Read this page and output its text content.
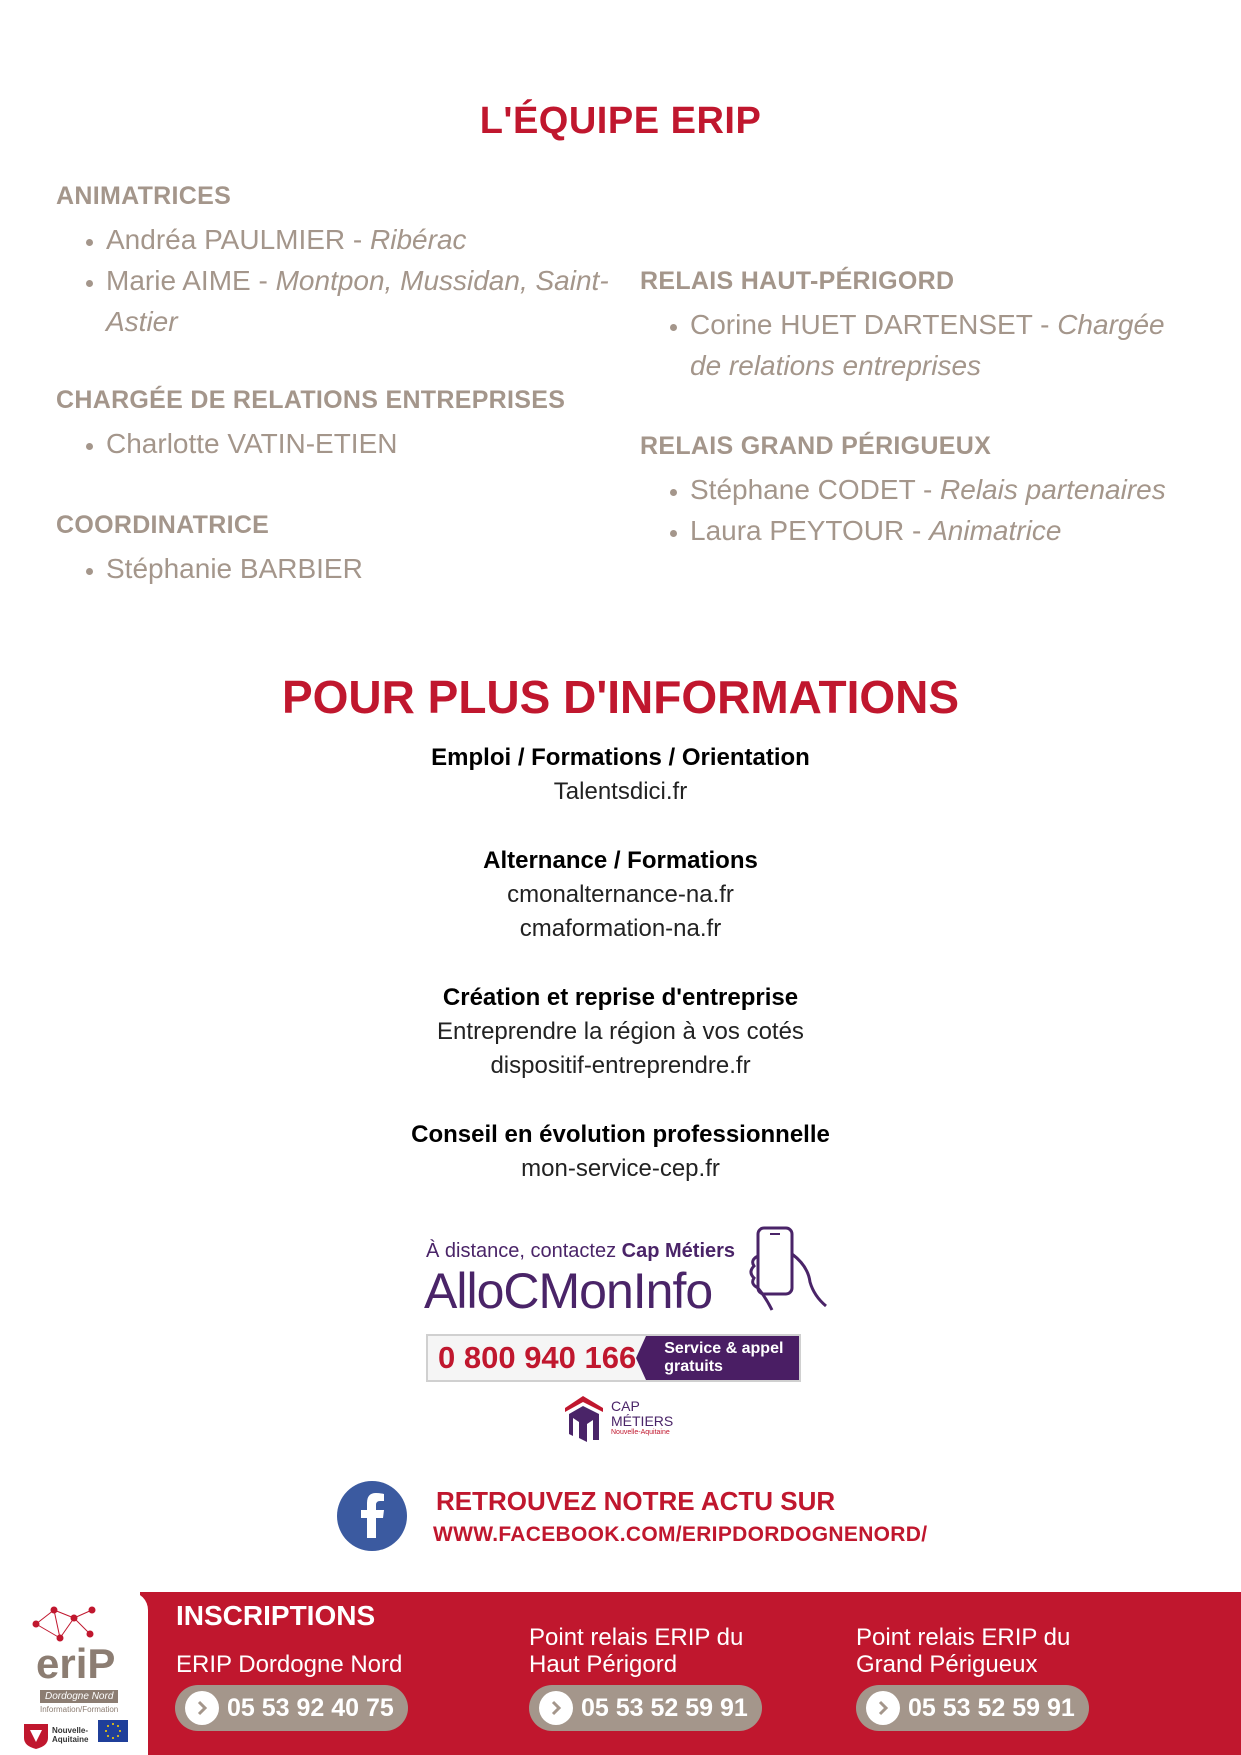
L'ÉQUIPE ERIP
ANIMATRICES
• Andréa PAULMIER - Ribérac
• Marie AIME - Montpon, Mussidan, Saint-Astier
CHARGÉE DE RELATIONS ENTREPRISES
• Charlotte VATIN-ETIEN
COORDINATRICE
• Stéphanie BARBIER
RELAIS HAUT-PÉRIGORD
• Corine HUET DARTENSET - Chargée de relations entreprises
RELAIS GRAND PÉRIGUEUX
• Stéphane CODET - Relais partenaires
• Laura PEYTOUR - Animatrice
POUR PLUS D'INFORMATIONS
Emploi / Formations / Orientation
Talentsdici.fr
Alternance / Formations
cmonalternance-na.fr
cmaformation-na.fr
Création et reprise d'entreprise
Entreprendre la région à vos cotés
dispositif-entreprendre.fr
Conseil en évolution professionnelle
mon-service-cep.fr
À distance, contactez Cap Métiers
AlloCMonInfo
0 800 940 166	Service & appel
gratuits
CAP
MÉTIERS
Nouvelle-Aquitaine
RETROUVEZ NOTRE ACTU SUR
WWW.FACEBOOK.COM/ERIPDORDOGNENORD/
eriP
Dordogne Nord
Information/Formation
Nouvelle-Aquitaine
INSCRIPTIONS
ERIP Dordogne Nord
05 53 92 40 75
Point relais ERIP du Haut Périgord
05 53 52 59 91
Point relais ERIP du Grand Périgueux
05 53 52 59 91
